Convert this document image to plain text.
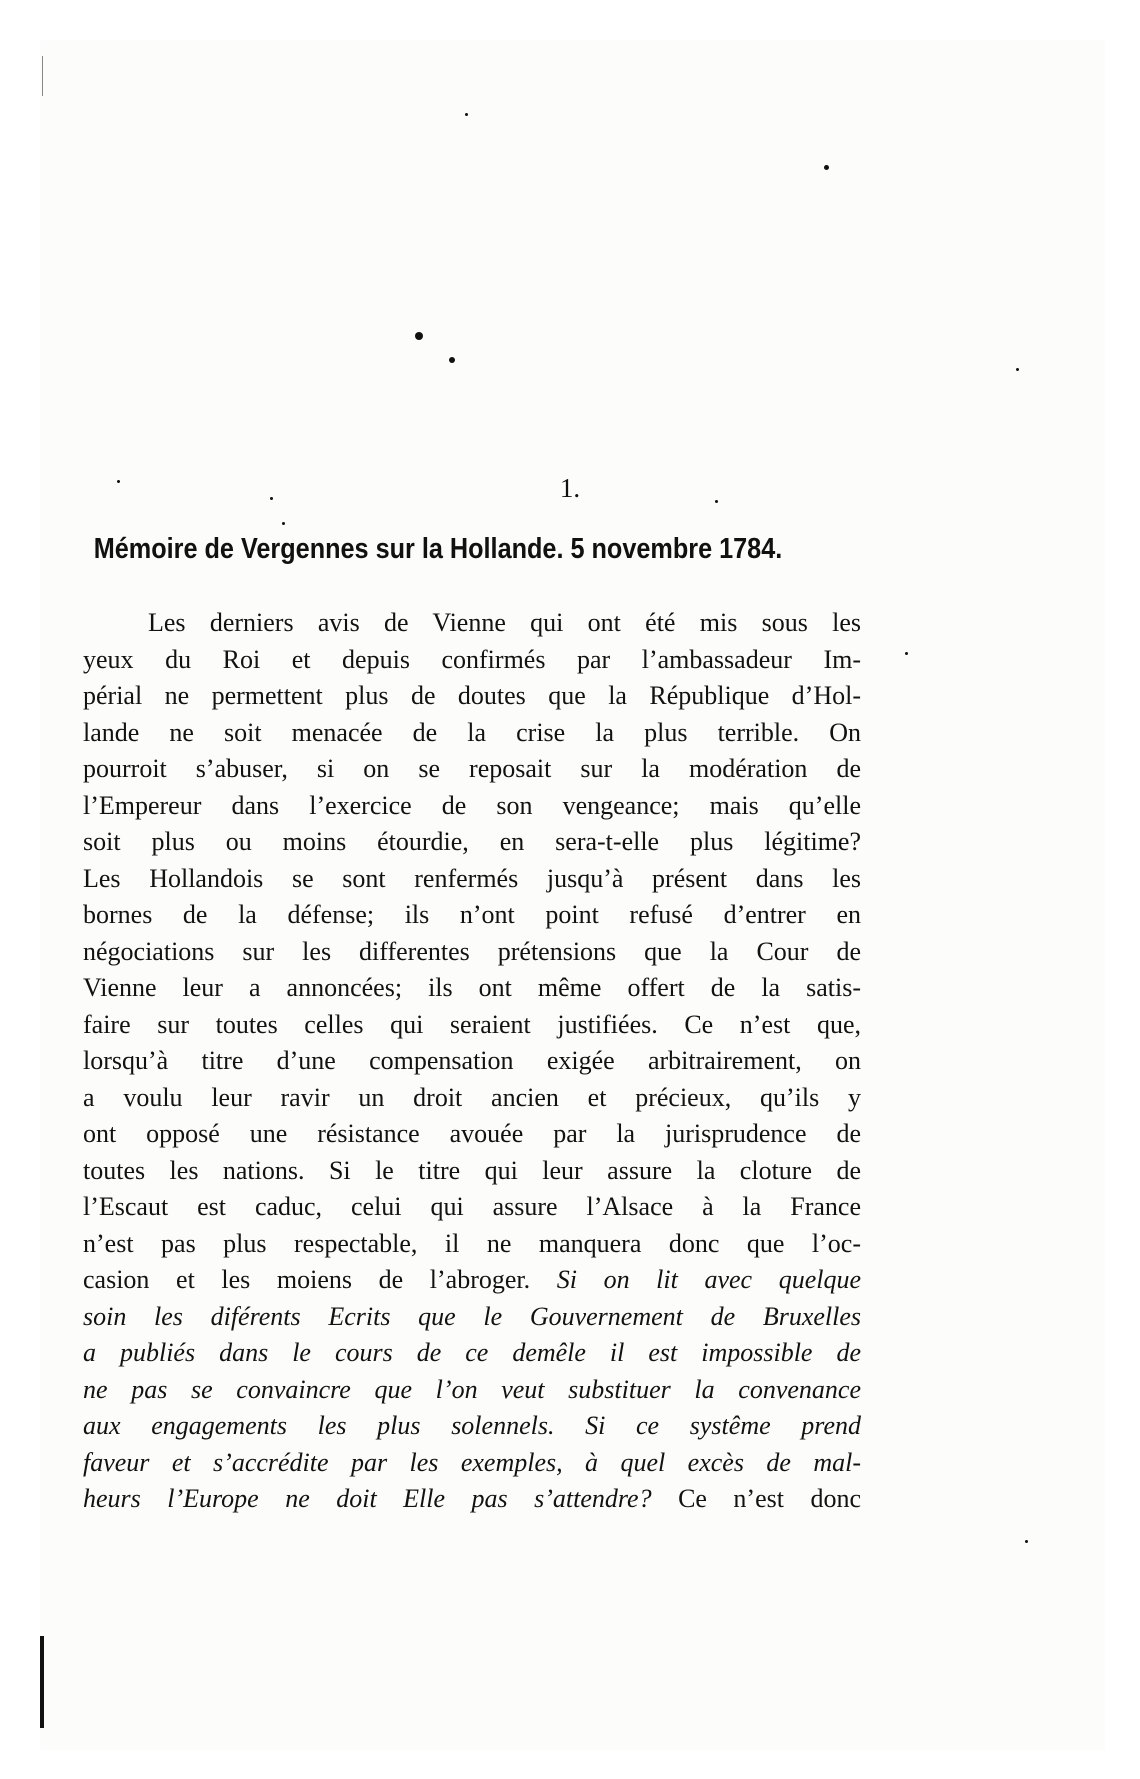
1.
Mémoire de Vergennes sur la Hollande. 5 novembre 1784.
Les derniers avis de Vienne qui ont été mis sous les
yeux du Roi et depuis confirmés par l’ambassadeur Im-
périal ne permettent plus de doutes que la République d’Hol-
lande ne soit menacée de la crise la plus terrible. On
pourroit s’abuser, si on se reposait sur la modération de
l’Empereur dans l’exercice de son vengeance; mais qu’elle
soit plus ou moins étourdie, en sera-t-elle plus légitime?
Les Hollandois se sont renfermés jusqu’à présent dans les
bornes de la défense; ils n’ont point refusé d’entrer en
négociations sur les differentes prétensions que la Cour de
Vienne leur a annoncées; ils ont même offert de la satis-
faire sur toutes celles qui seraient justifiées. Ce n’est que,
lorsqu’à titre d’une compensation exigée arbitrairement, on
a voulu leur ravir un droit ancien et précieux, qu’ils y
ont opposé une résistance avouée par la jurisprudence de
toutes les nations. Si le titre qui leur assure la cloture de
l’Escaut est caduc, celui qui assure l’Alsace à la France
n’est pas plus respectable, il ne manquera donc que l’oc-
casion et les moiens de l’abroger. Si on lit avec quelque
soin les diférents Ecrits que le Gouvernement de Bruxelles
a publiés dans le cours de ce demêle il est impossible de
ne pas se convaincre que l’on veut substituer la convenance
aux engagements les plus solennels. Si ce systême prend
faveur et s’accrédite par les exemples, à quel excès de mal-
heurs l’Europe ne doit Elle pas s’attendre? Ce n’est donc
